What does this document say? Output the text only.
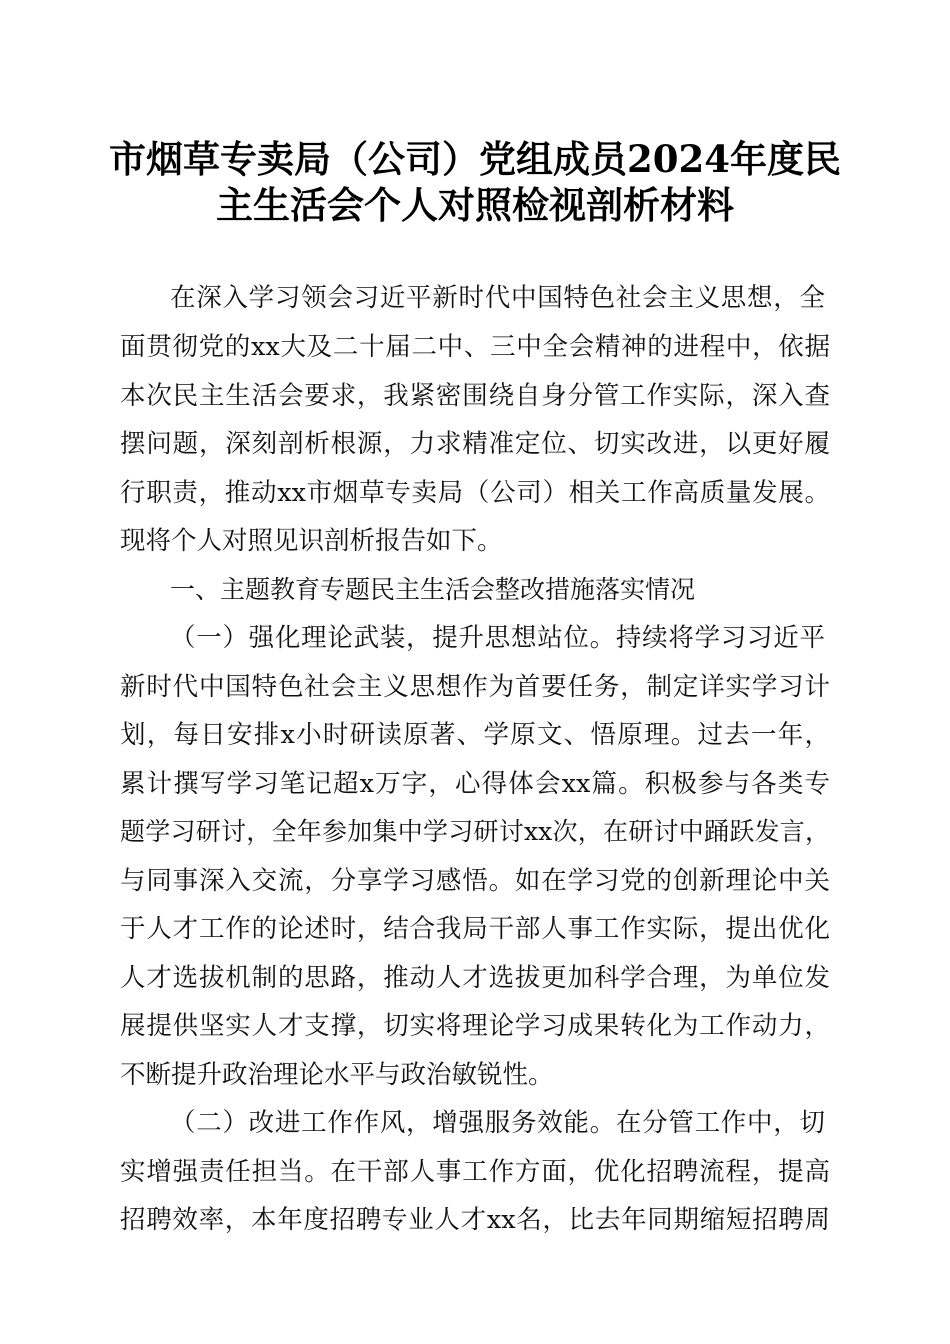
市烟草专卖局（公司）党组成员2024年度民
主生活会个人对照检视剖析材料
在深入学习领会习近平新时代中国特色社会主义思想，全
面贯彻党的xx大及二十届二中、三中全会精神的进程中，依据
本次民主生活会要求，我紧密围绕自身分管工作实际，深入查
摆问题，深刻剖析根源，力求精准定位、切实改进，以更好履
行职责，推动xx市烟草专卖局（公司）相关工作高质量发展。
现将个人对照见识剖析报告如下。
一、主题教育专题民主生活会整改措施落实情况
（一）强化理论武装，提升思想站位。持续将学习习近平
新时代中国特色社会主义思想作为首要任务，制定详实学习计
划，每日安排x小时研读原著、学原文、悟原理。过去一年，
累计撰写学习笔记超x万字，心得体会xx篇。积极参与各类专
题学习研讨，全年参加集中学习研讨xx次，在研讨中踊跃发言，
与同事深入交流，分享学习感悟。如在学习党的创新理论中关
于人才工作的论述时，结合我局干部人事工作实际，提出优化
人才选拔机制的思路，推动人才选拔更加科学合理，为单位发
展提供坚实人才支撑，切实将理论学习成果转化为工作动力，
不断提升政治理论水平与政治敏锐性。
（二）改进工作作风，增强服务效能。在分管工作中，切
实增强责任担当。在干部人事工作方面，优化招聘流程，提高
招聘效率，本年度招聘专业人才xx名，比去年同期缩短招聘周
